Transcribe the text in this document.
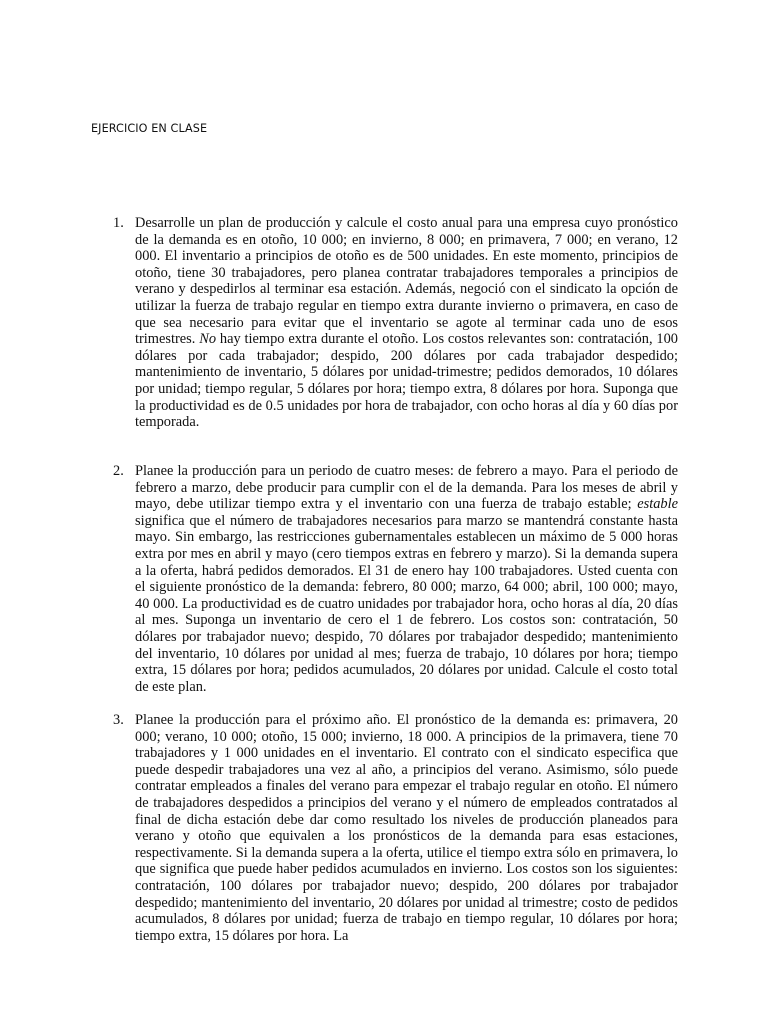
EJERCICIO EN CLASE
1. Desarrolle un plan de producción y calcule el costo anual para una empresa cuyo pronóstico de la demanda es en otoño, 10 000; en invierno, 8 000; en primavera, 7 000; en verano, 12 000. El inventario a principios de otoño es de 500 unidades. En este momento, principios de otoño, tiene 30 trabajadores, pero planea contratar trabajadores temporales a principios de verano y despedirlos al terminar esa estación. Además, negoció con el sindicato la opción de utilizar la fuerza de trabajo regular en tiempo extra durante invierno o primavera, en caso de que sea necesario para evitar que el inventario se agote al terminar cada uno de esos trimestres. No hay tiempo extra durante el otoño. Los costos relevantes son: contratación, 100 dólares por cada trabajador; despido, 200 dólares por cada trabajador despedido; mantenimiento de inventario, 5 dólares por unidad-trimestre; pedidos demorados, 10 dólares por unidad; tiempo regular, 5 dólares por hora; tiempo extra, 8 dólares por hora. Suponga que la productividad es de 0.5 unidades por hora de trabajador, con ocho horas al día y 60 días por temporada.

2. Planee la producción para un periodo de cuatro meses: de febrero a mayo. Para el periodo de febrero a marzo, debe producir para cumplir con el de la demanda. Para los meses de abril y mayo, debe utilizar tiempo extra y el inventario con una fuerza de trabajo estable; estable significa que el número de trabajadores necesarios para marzo se mantendrá constante hasta mayo. Sin embargo, las restricciones gubernamentales establecen un máximo de 5 000 horas extra por mes en abril y mayo (cero tiempos extras en febrero y marzo). Si la demanda supera a la oferta, habrá pedidos demorados. El 31 de enero hay 100 trabajadores. Usted cuenta con el siguiente pronóstico de la demanda: febrero, 80 000; marzo, 64 000; abril, 100 000; mayo, 40 000. La productividad es de cuatro unidades por trabajador hora, ocho horas al día, 20 días al mes. Suponga un inventario de cero el 1 de febrero. Los costos son: contratación, 50 dólares por trabajador nuevo; despido, 70 dólares por trabajador despedido; mantenimiento del inventario, 10 dólares por unidad al mes; fuerza de trabajo, 10 dólares por hora; tiempo extra, 15 dólares por hora; pedidos acumulados, 20 dólares por unidad. Calcule el costo total de este plan.

3. Planee la producción para el próximo año. El pronóstico de la demanda es: primavera, 20 000; verano, 10 000; otoño, 15 000; invierno, 18 000. A principios de la primavera, tiene 70 trabajadores y 1 000 unidades en el inventario. El contrato con el sindicato especifica que puede despedir trabajadores una vez al año, a principios del verano. Asimismo, sólo puede contratar empleados a finales del verano para empezar el trabajo regular en otoño. El número de trabajadores despedidos a principios del verano y el número de empleados contratados al final de dicha estación debe dar como resultado los niveles de producción planeados para verano y otoño que equivalen a los pronósticos de la demanda para esas estaciones, respectivamente. Si la demanda supera a la oferta, utilice el tiempo extra sólo en primavera, lo que significa que puede haber pedidos acumulados en invierno. Los costos son los siguientes: contratación, 100 dólares por trabajador nuevo; despido, 200 dólares por trabajador despedido; mantenimiento del inventario, 20 dólares por unidad al trimestre; costo de pedidos acumulados, 8 dólares por unidad; fuerza de trabajo en tiempo regular, 10 dólares por hora; tiempo extra, 15 dólares por hora. La
